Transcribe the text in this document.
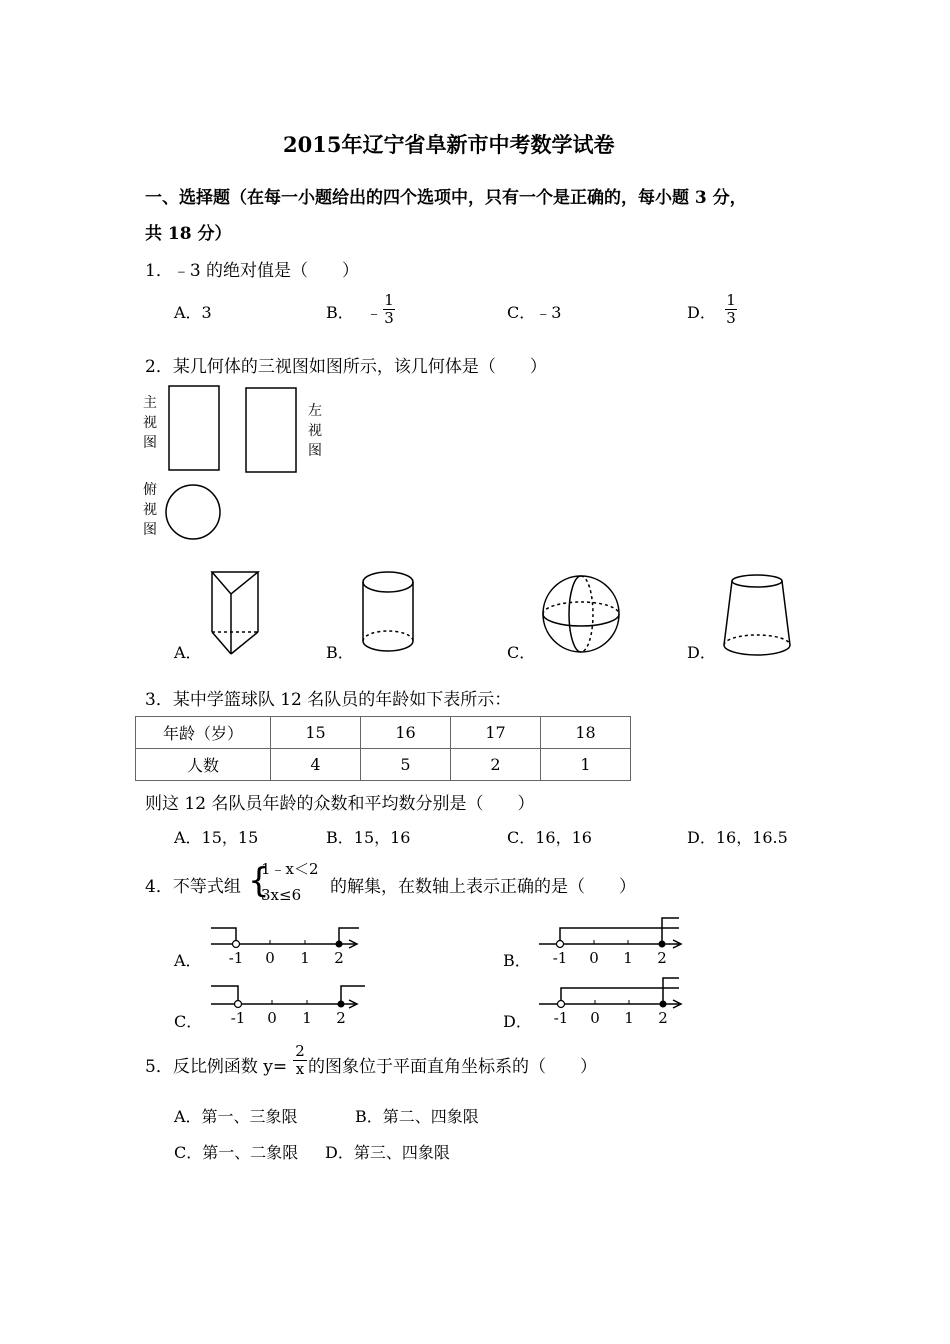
2015年辽宁省阜新市中考数学试卷
一、选择题（在每一小题给出的四个选项中，只有一个是正确的，每小题 3 分，
共 18 分）
1．﹣3 的绝对值是（　　）
A．3	B． ﹣
1
3	C．﹣3	D．
1
3
2．某几何体的三视图如图所示，该几何体是（　　）
主视图
左视图
俯视图
A．	B．	C．	D．
3．某中学篮球队 12 名队员的年龄如下表所示：
年龄（岁）	15	16	17	18
人数	4	5	2	1
则这 12 名队员年龄的众数和平均数分别是（　　）
A．15，15	B．15，16	C．16，16	D．16，16.5
4．不等式组 {
1﹣x＜2
3x≤6 的解集，在数轴上表示正确的是（　　）
A．	B．
C．	D．
-1 0 1 2	-1 0 1 2
-1 0 1 2	-1 0 1 2
5．反比例函数 y=
2
x 的图象位于平面直角坐标系的（　　）
A．第一、三象限	B．第二、四象限
C．第一、二象限 D．第三、四象限
